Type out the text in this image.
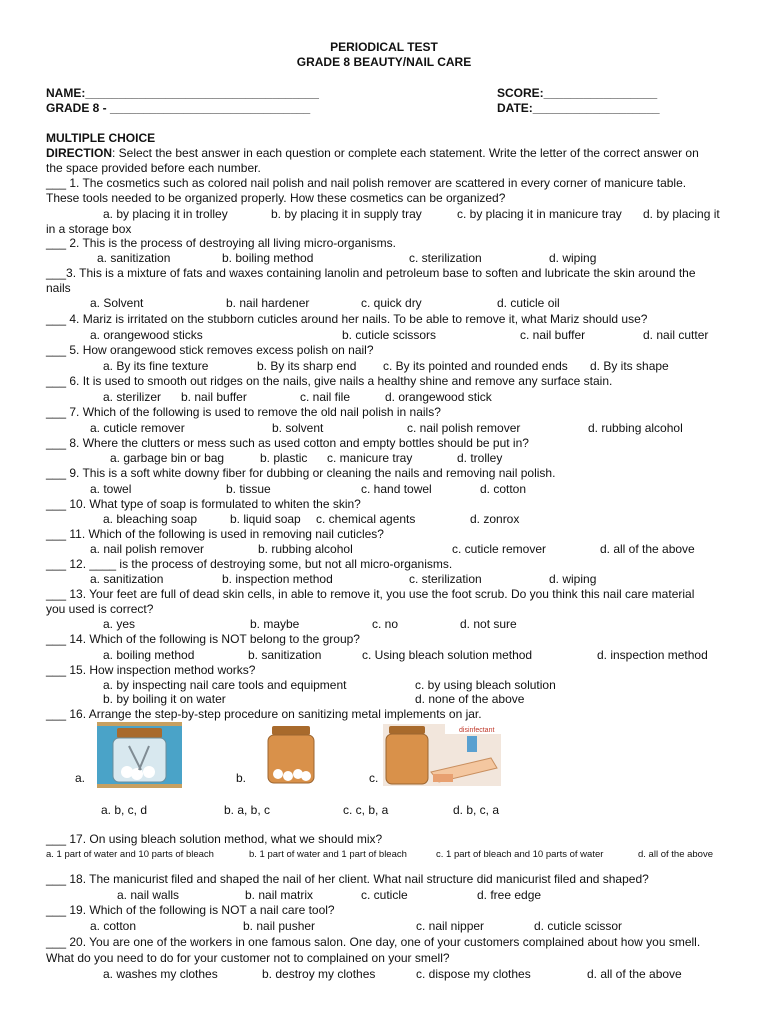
PERIODICAL TEST
GRADE 8 BEAUTY/NAIL CARE
NAME:___________________________________
GRADE 8 - ______________________________
SCORE:_________________
DATE:___________________
MULTIPLE CHOICE
DIRECTION: Select the best answer in each question or complete each statement. Write the letter of the correct answer on
the space provided before each number.
___ 1. The cosmetics such as colored nail polish and nail polish remover are scattered in every corner of manicure table.
These tools needed to be organized properly. How these cosmetics can be organized?
a. by placing it in trolley	b. by placing it in supply tray	c. by placing it in manicure tray d. by placing it
in a storage box
___ 2. This is the process of destroying all living micro-organisms.
a. sanitization	b. boiling method	c. sterilization	d. wiping
___3. This is a mixture of fats and waxes containing lanolin and petroleum base to soften and lubricate the skin around the
nails
a. Solvent	b. nail hardener	c. quick dry	d. cuticle oil
___ 4. Mariz is irritated on the stubborn cuticles around her nails. To be able to remove it, what Mariz should use?
a. orangewood sticks	b. cuticle scissors	c. nail buffer	d. nail cutter
___ 5. How orangewood stick removes excess polish on nail?
a. By its fine texture	b. By its sharp end c. By its pointed and rounded ends d. By its shape
___ 6. It is used to smooth out ridges on the nails, give nails a healthy shine and remove any surface stain.
a. sterilizer b. nail buffer	c. nail file	d. orangewood stick
___ 7. Which of the following is used to remove the old nail polish in nails?
a. cuticle remover	b. solvent	c. nail polish remover	d. rubbing alcohol
___ 8. Where the clutters or mess such as used cotton and empty bottles should be put in?
a. garbage bin or bag	b. plastic c. manicure tray	d. trolley
___ 9. This is a soft white downy fiber for dubbing or cleaning the nails and removing nail polish.
a. towel	b. tissue	c. hand towel	d. cotton
___ 10. What type of soap is formulated to whiten the skin?
a. bleaching soap	b. liquid soap c. chemical agents	d. zonrox
___ 11. Which of the following is used in removing nail cuticles?
a. nail polish remover	b. rubbing alcohol	c. cuticle remover	d. all of the above
___ 12. ____ is the process of destroying some, but not all micro-organisms.
a. sanitization	b. inspection method	c. sterilization	d. wiping
___ 13. Your feet are full of dead skin cells, in able to remove it, you use the foot scrub. Do you think this nail care material
you used is correct?
a. yes	b. maybe	c. no	d. not sure
___ 14. Which of the following is NOT belong to the group?
a. boiling method	b. sanitization	c. Using bleach solution method	d. inspection method
___ 15. How inspection method works?
a. by inspecting nail care tools and equipment	c. by using bleach solution
b. by boiling it on water	d. none of the above
___ 16. Arrange the step-by-step procedure on sanitizing metal implements on jar.
a.	b.	c.
disinfectant
a. b, c, d	b. a, b, c	c. c, b, a	d. b, c, a
___ 17. On using bleach solution method, what we should mix?
a. 1 part of water and 10 parts of bleach	b. 1 part of water and 1 part of bleach	c. 1 part of bleach and 10 parts of water	d. all of the above
___ 18. The manicurist filed and shaped the nail of her client. What nail structure did manicurist filed and shaped?
a. nail walls	b. nail matrix	c. cuticle	d. free edge
___ 19. Which of the following is NOT a nail care tool?
a. cotton	b. nail pusher	c. nail nipper	d. cuticle scissor
___ 20. You are one of the workers in one famous salon. One day, one of your customers complained about how you smell.
What do you need to do for your customer not to complained on your smell?
a. washes my clothes	b. destroy my clothes	c. dispose my clothes	d. all of the above
